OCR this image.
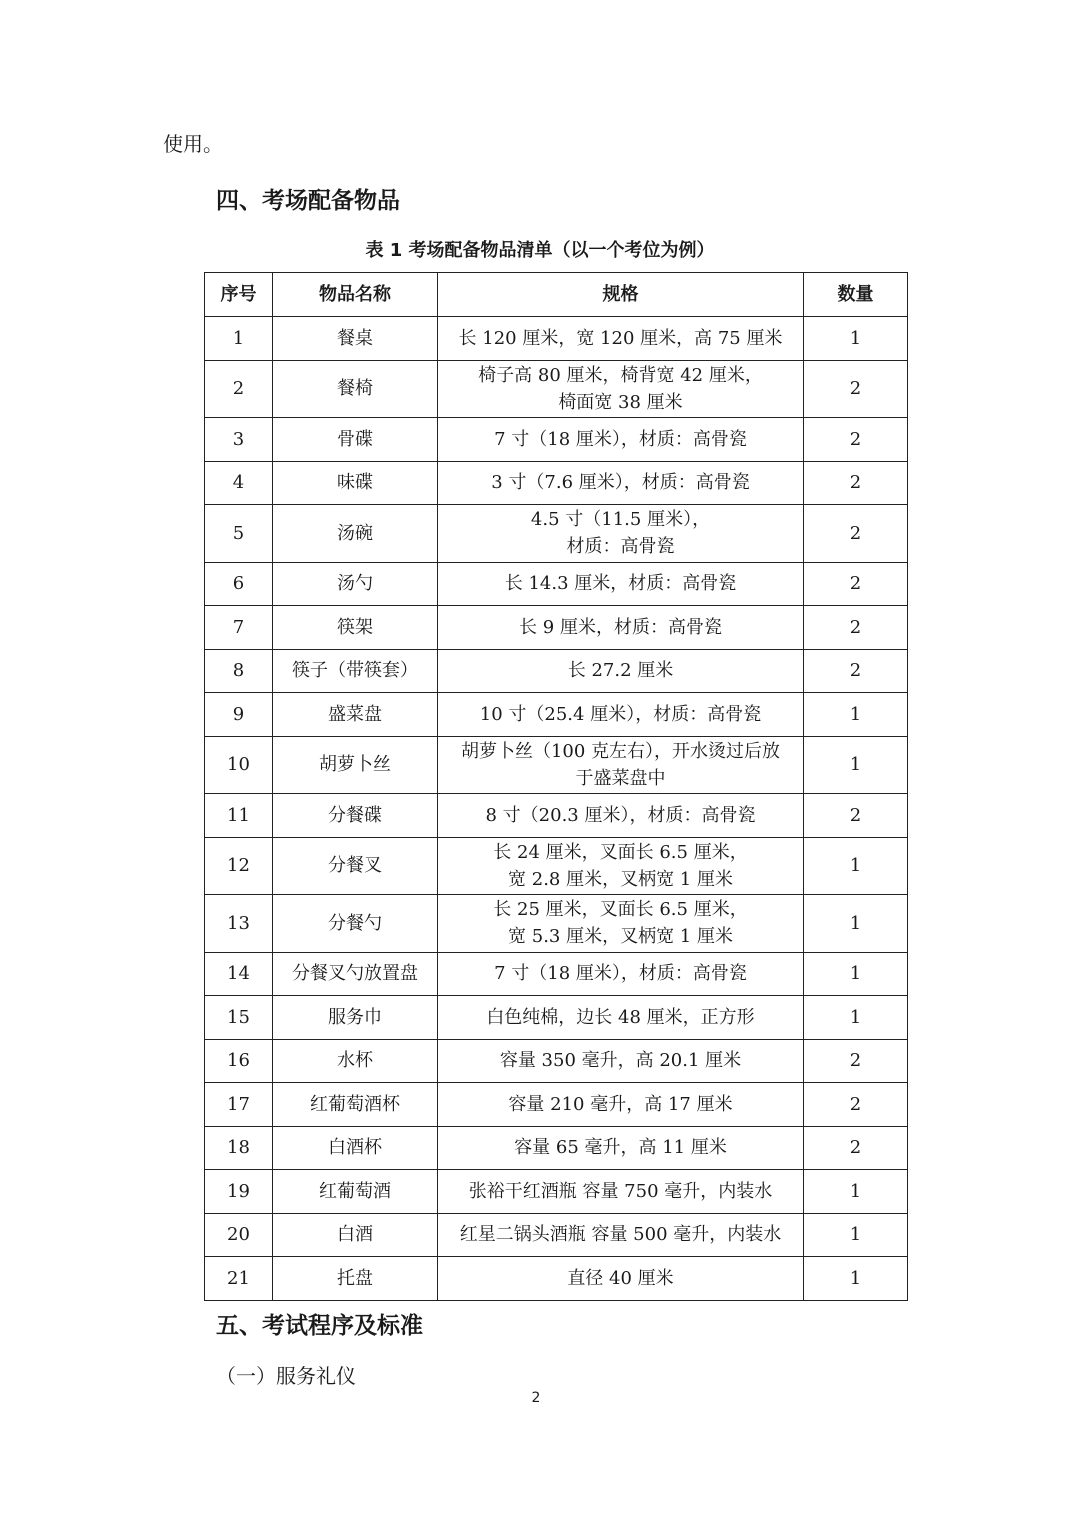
使用。
四、考场配备物品
表 1 考场配备物品清单（以一个考位为例）
序号	物品名称	规格	数量
1	餐桌	长 120 厘米，宽 120 厘米，高 75 厘米	1
2	餐椅	椅子高 80 厘米，椅背宽 42 厘米，
椅面宽 38 厘米	2
3	骨碟	7 寸（18 厘米），材质：高骨瓷	2
4	味碟	3 寸（7.6 厘米），材质：高骨瓷	2
5	汤碗	4.5 寸（11.5 厘米），
材质：高骨瓷	2
6	汤勺	长 14.3 厘米，材质：高骨瓷	2
7	筷架	长 9 厘米，材质：高骨瓷	2
8	筷子（带筷套）	长 27.2 厘米	2
9	盛菜盘	10 寸（25.4 厘米），材质：高骨瓷	1
10	胡萝卜丝	胡萝卜丝（100 克左右），开水烫过后放
于盛菜盘中	1
11	分餐碟	8 寸（20.3 厘米），材质：高骨瓷	2
12	分餐叉	长 24 厘米，叉面长 6.5 厘米，
宽 2.8 厘米，叉柄宽 1 厘米	1
13	分餐勺	长 25 厘米，叉面长 6.5 厘米，
宽 5.3 厘米，叉柄宽 1 厘米	1
14	分餐叉勺放置盘	7 寸（18 厘米），材质：高骨瓷	1
15	服务巾	白色纯棉，边长 48 厘米，正方形	1
16	水杯	容量 350 毫升，高 20.1 厘米	2
17	红葡萄酒杯	容量 210 毫升，高 17 厘米	2
18	白酒杯	容量 65 毫升，高 11 厘米	2
19	红葡萄酒	张裕干红酒瓶 容量 750 毫升，内装水	1
20	白酒	红星二锅头酒瓶 容量 500 毫升，内装水	1
21	托盘	直径 40 厘米	1
五、考试程序及标准
（一）服务礼仪
2
